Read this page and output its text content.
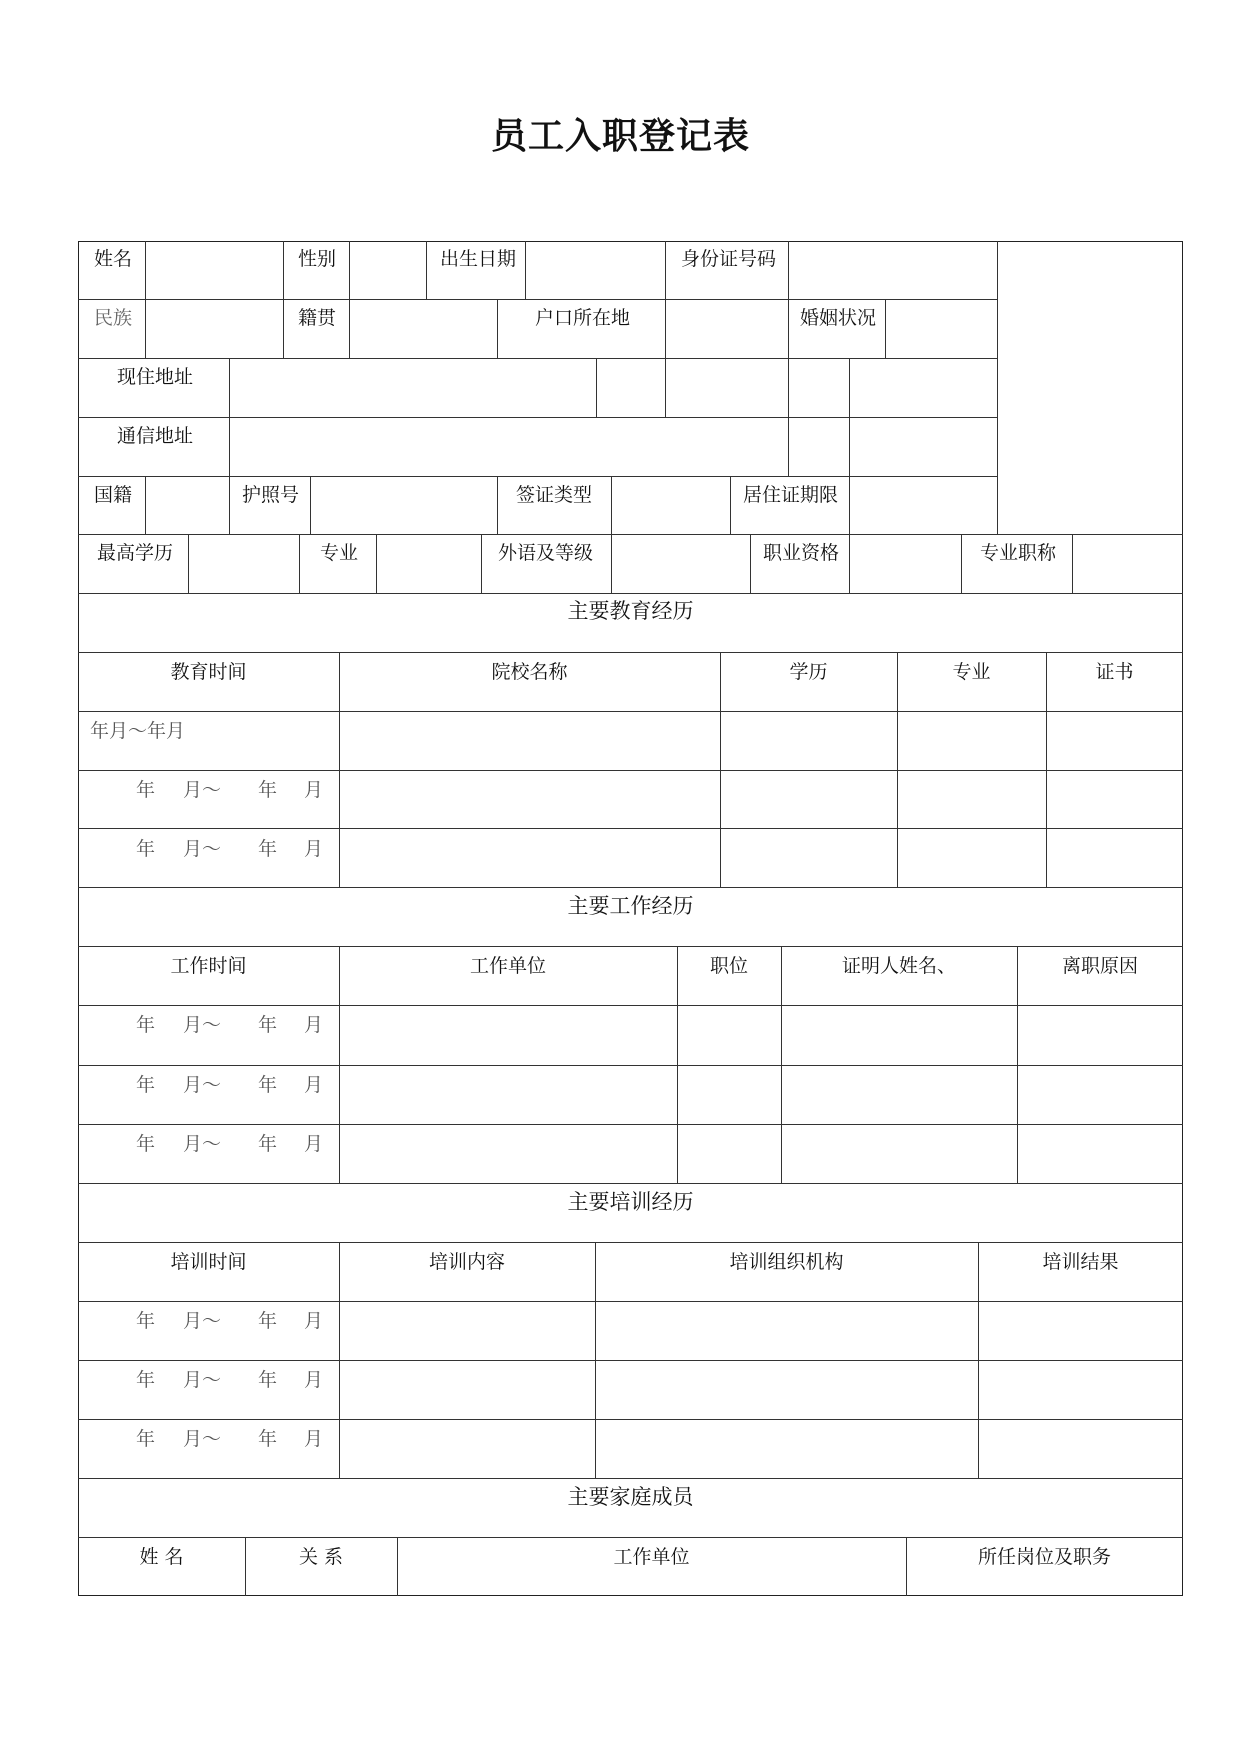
员工入职登记表
姓名	性别	出生日期	身份证号码
民族	籍贯	户口所在地	婚姻状况
现住地址
通信地址
国籍	护照号	签证类型	居住证期限
最高学历	专业	外语及等级	职业资格	专业职称
主要教育经历
教育时间	院校名称	学历	专业	证书
年月～年月
年 月～ 年 月
年 月～ 年 月
主要工作经历
工作时间	工作单位	职位	证明人姓名、	离职原因
年 月～ 年 月
年 月～ 年 月
年 月～ 年 月
主要培训经历
培训时间	培训内容	培训组织机构	培训结果
年 月～ 年 月
年 月～ 年 月
年 月～ 年 月
主要家庭成员
姓 名	关 系	工作单位	所任岗位及职务
